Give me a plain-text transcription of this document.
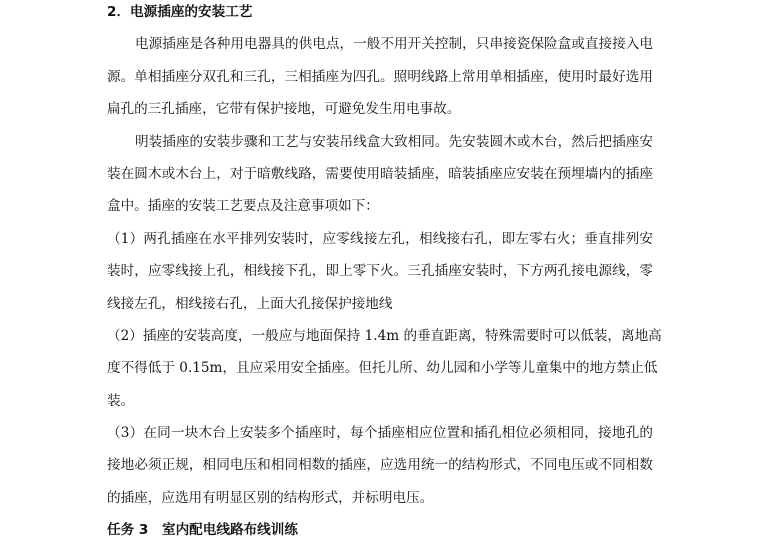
2．电源插座的安装工艺
电源插座是各种用电器具的供电点，一般不用开关控制，只串接瓷保险盒或直接接入电
源。单相插座分双孔和三孔，三相插座为四孔。照明线路上常用单相插座，使用时最好选用
扁孔的三孔插座，它带有保护接地，可避免发生用电事故。
明装插座的安装步骤和工艺与安装吊线盒大致相同。先安装圆木或木台，然后把插座安
装在圆木或木台上，对于暗敷线路，需要使用暗装插座，暗装插座应安装在预埋墙内的插座
盒中。插座的安装工艺要点及注意事项如下：
（1）两孔插座在水平排列安装时，应零线接左孔，相线接右孔，即左零右火；垂直排列安
装时，应零线接上孔，相线接下孔，即上零下火。三孔插座安装时，下方两孔接电源线，零
线接左孔，相线接右孔，上面大孔接保护接地线
（2）插座的安装高度，一般应与地面保持 1.4m 的垂直距离，特殊需要时可以低装，离地高
度不得低于 0.15m，且应采用安全插座。但托儿所、幼儿园和小学等儿童集中的地方禁止低
装。
（3）在同一块木台上安装多个插座时，每个插座相应位置和插孔相位必须相同，接地孔的
接地必须正规，相同电压和相同相数的插座，应选用统一的结构形式，不同电压或不同相数
的插座，应选用有明显区别的结构形式，并标明电压。
任务 3　室内配电线路布线训练
